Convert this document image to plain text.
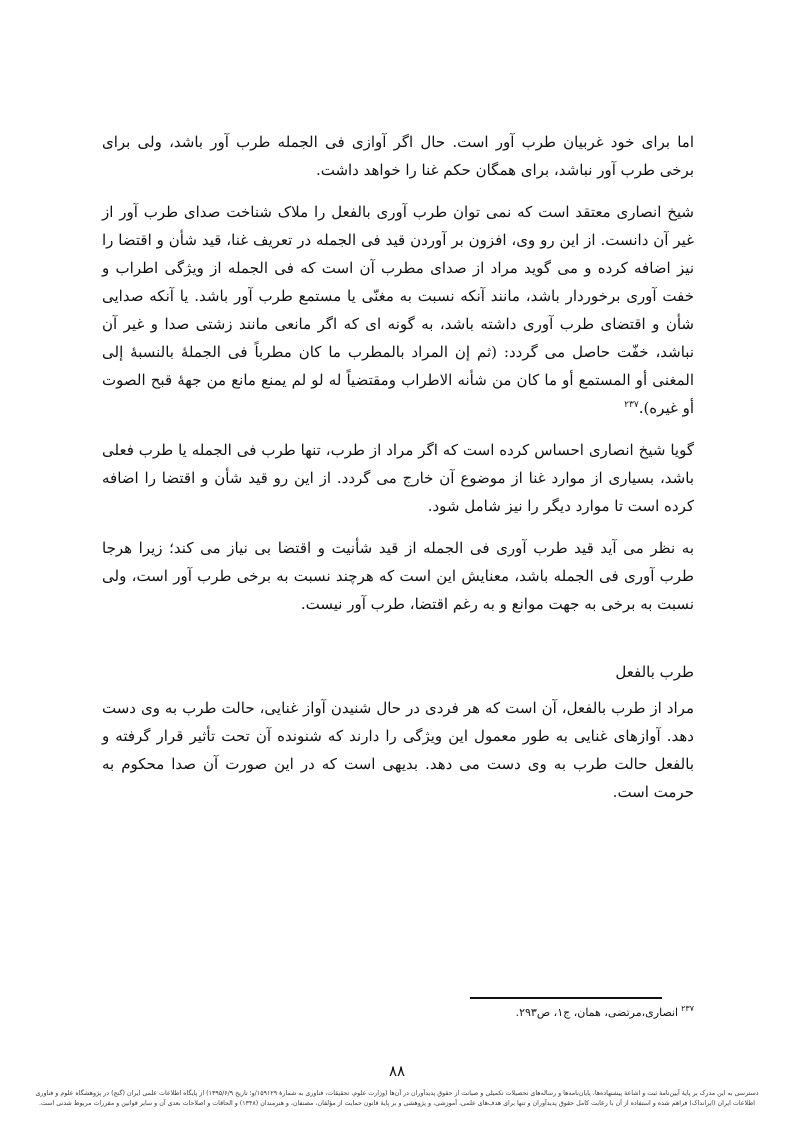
اما برای خود غربیان طرب آور است. حال اگر آوازی فی الجمله طرب آور باشد، ولی برای برخی طرب آور نباشد، برای همگان حکم غنا را خواهد داشت.

شیخ انصاری معتقد است که نمی توان طرب آوری بالفعل را ملاک شناخت صدای طرب آور از غیر آن دانست. از این رو وی، افزون بر آوردن قید فی الجمله در تعریف غنا، قید شأن و اقتضا را نیز اضافه کرده و می گوید مراد از صدای مطرب آن است که فی الجمله از ویژگی اطراب و خفت آوری برخوردار باشد، مانند آنکه نسبت به مغنّی یا مستمع طرب آور باشد. یا آنکه صدایی شأن و اقتضای طرب آوری داشته باشد، به گونه ای که اگر مانعی مانند زشتی صدا و غیر آن نباشد، خفّت حاصل می گردد: (ثم إن المراد بالمطرب ما کان مطرباً فی الجملهٔ بالنسبهٔ إلی المغنی أو المستمع أو ما کان من شأنه الاطراب ومقتضیاً له لو لم یمنع مانع من جههٔ قبح الصوت أو غیره).$^{۲۳۷}$

گویا شیخ انصاری احساس کرده است که اگر مراد از طرب، تنها طرب فی الجمله یا طرب فعلی باشد، بسیاری از موارد غنا از موضوع آن خارج می گردد. از این رو قید شأن و اقتضا را اضافه کرده است تا موارد دیگر را نیز شامل شود.

به نظر می آید قید طرب آوری فی الجمله از قید شأنیت و اقتضا بی نیاز می کند؛ زیرا هرجا طرب آوری فی الجمله باشد، معنایش این است که هرچند نسبت به برخی طرب آور است، ولی نسبت به برخی به جهت موانع و به رغم اقتضا، طرب آور نیست.

طرب بالفعل

مراد از طرب بالفعل، آن است که هر فردی در حال شنیدن آواز غنایی، حالت طرب به وی دست دهد. آوازهای غنایی به طور معمول این ویژگی را دارند که شنونده آن تحت تأثیر قرار گرفته و بالفعل حالت طرب به وی دست می دهد. بدیهی است که در این صورت آن صدا محکوم به حرمت است.

$^{۲۳۷}$انصاری،مرتضی، همان، ج۱، ص۲۹۳.
۸۸
دسترسی به این مدرک بر پایهٔ آیین‌نامهٔ ثبت و اشاعهٔ پیشنهاده‌ها، پایان‌نامه‌ها و رساله‌های تحصیلات تکمیلی و صیانت از حقوق پدیدآوران در آن‌ها (وزارت علوم، تحقیقات، فناوری به شمارهٔ ۱۵۹۱۲۹/و؛ تاریخ ۱۳۹۵/۶/۹) از پایگاه اطلاعات علمی ایران (گنج) در پژوهشگاه علوم و فناوری
اطلاعات ایران (ایرانداک) فراهم شده و استفاده از آن با رعایت کامل حقوق پدیدآوران و تنها برای هدف‌های علمی، آموزشی، و پژوهشی و بر پایهٔ قانون حمایت از مؤلفان، مصنفان، و هنرمندان (۱۳۴۸) و الحاقات و اصلاحات بعدی آن و سایر قوانین و مقررات مربوط شدنی است.
